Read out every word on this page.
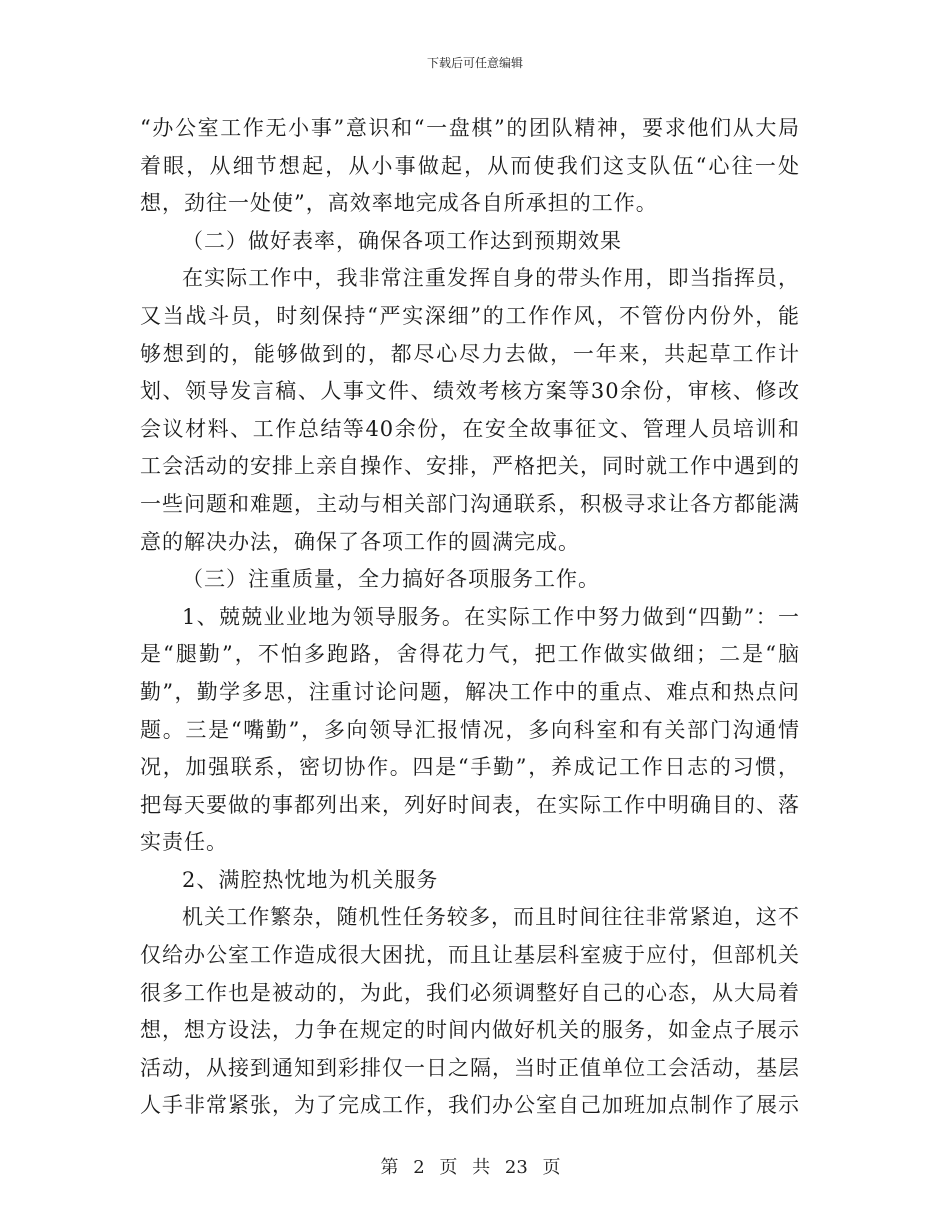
下载后可任意编辑

“办公室工作无小事”意识和“一盘棋”的团队精神，要求他们从大局着眼，从细节想起，从小事做起，从而使我们这支队伍“心往一处想，劲往一处使”，高效率地完成各自所承担的工作。

（二）做好表率，确保各项工作达到预期效果

在实际工作中，我非常注重发挥自身的带头作用，即当指挥员，又当战斗员，时刻保持“严实深细”的工作作风，不管份内份外，能够想到的，能够做到的，都尽心尽力去做，一年来，共起草工作计划、领导发言稿、人事文件、绩效考核方案等30余份，审核、修改会议材料、工作总结等40余份，在安全故事征文、管理人员培训和工会活动的安排上亲自操作、安排，严格把关，同时就工作中遇到的一些问题和难题，主动与相关部门沟通联系，积极寻求让各方都能满意的解决办法，确保了各项工作的圆满完成。

（三）注重质量，全力搞好各项服务工作。

1、兢兢业业地为领导服务。在实际工作中努力做到“四勤”：一是“腿勤”，不怕多跑路，舍得花力气，把工作做实做细；二是“脑勤”，勤学多思，注重讨论问题，解决工作中的重点、难点和热点问题。三是“嘴勤”，多向领导汇报情况，多向科室和有关部门沟通情况，加强联系，密切协作。四是“手勤”，养成记工作日志的习惯，把每天要做的事都列出来，列好时间表，在实际工作中明确目的、落实责任。

2、满腔热忱地为机关服务

机关工作繁杂，随机性任务较多，而且时间往往非常紧迫，这不仅给办公室工作造成很大困扰，而且让基层科室疲于应付，但部机关很多工作也是被动的，为此，我们必须调整好自己的心态，从大局着想，想方设法，力争在规定的时间内做好机关的服务，如金点子展示活动，从接到通知到彩排仅一日之隔，当时正值单位工会活动，基层人手非常紧张，为了完成工作，我们办公室自己加班加点制作了展示

第 2 页 共 23 页
